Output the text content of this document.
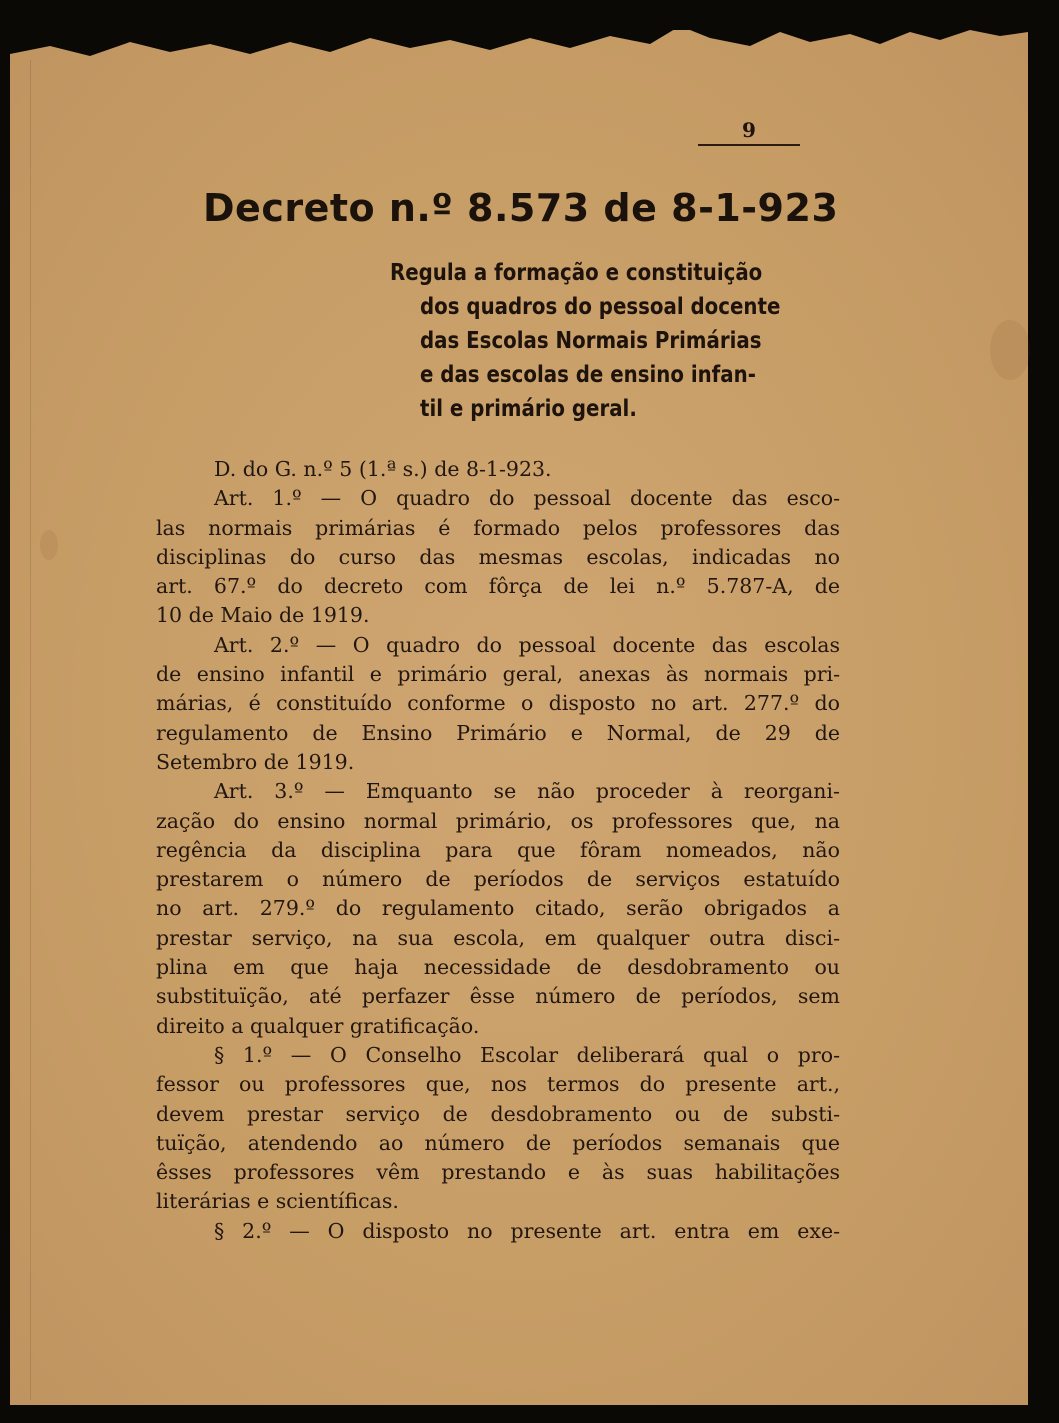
9
Decreto n.º 8.573 de 8-1-923
Regula a formação e constituição
dos quadros do pessoal docente
das Escolas Normais Primárias
e das escolas de ensino infan-
til e primário geral.
D. do G. n.º 5 (1.ª s.) de 8-1-923.
Art. 1.º — O quadro do pessoal docente das esco-
las normais primárias é formado pelos professores das
disciplinas do curso das mesmas escolas, indicadas no
art. 67.º do decreto com fôrça de lei n.º 5.787-A, de
10 de Maio de 1919.
Art. 2.º — O quadro do pessoal docente das escolas
de ensino infantil e primário geral, anexas às normais pri-
márias, é constituído conforme o disposto no art. 277.º do
regulamento de Ensino Primário e Normal, de 29 de
Setembro de 1919.
Art. 3.º — Emquanto se não proceder à reorgani-
zação do ensino normal primário, os professores que, na
regência da disciplina para que fôram nomeados, não
prestarem o número de períodos de serviços estatuído
no art. 279.º do regulamento citado, serão obrigados a
prestar serviço, na sua escola, em qualquer outra disci-
plina em que haja necessidade de desdobramento ou
substituïção, até perfazer êsse número de períodos, sem
direito a qualquer gratificação.
§ 1.º — O Conselho Escolar deliberará qual o pro-
fessor ou professores que, nos termos do presente art.,
devem prestar serviço de desdobramento ou de substi-
tuïção, atendendo ao número de períodos semanais que
êsses professores vêm prestando e às suas habilitações
literárias e scientíficas.
§ 2.º — O disposto no presente art. entra em exe-
